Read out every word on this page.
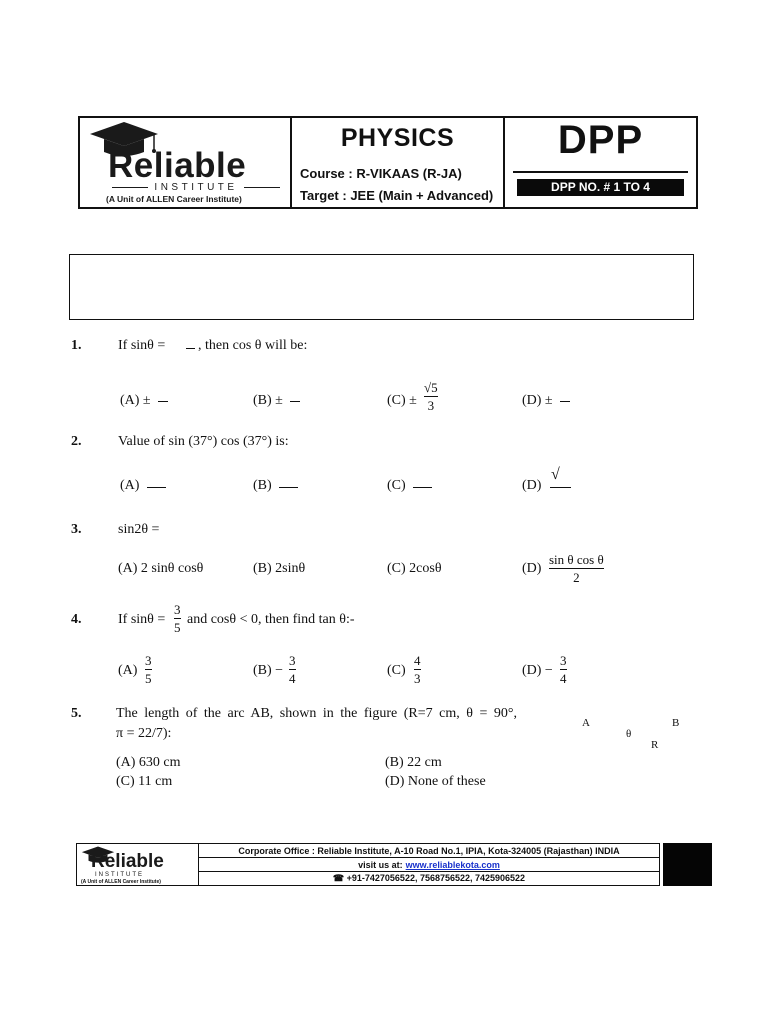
Reliable
INSTITUTE
(A Unit of ALLEN Career Institute)
PHYSICS
Course : R-VIKAAS (R-JA)
Target : JEE (Main + Advanced)
DPP
DPP NO. # 1 TO 4
1.	If sinθ = , then cos θ will be:
(A) ±	(B) ±	(C) ±
√5
3	(D) ±
2.	Value of sin (37°) cos (37°) is:
(A)	(B)	(C)	(D)
√
3.	sin2θ =
(A) 2 sinθ cosθ	(B) 2sinθ	(C) 2cosθ	(D)
sin θ cos θ
2
4.	If sinθ =
3
5
and cosθ < 0, then find tan θ:-
(A)
3
5
(B) −
3
4
(C)
4
3
(D) −
3
4
5. The length of the arc AB, shown in the figure (R=7 cm, θ = 90°,
π = 22/7):
A	B
θ
R
(A) 630 cm	(B) 22 cm
(C) 11 cm	(D) None of these
Reliable
INSTITUTE
(A Unit of ALLEN Career Institute)
Corporate Office : Reliable Institute, A-10 Road No.1, IPIA, Kota-324005 (Rajasthan) INDIA
visit us at: www.reliablekota.com
☎ +91-7427056522, 7568756522, 7425906522
